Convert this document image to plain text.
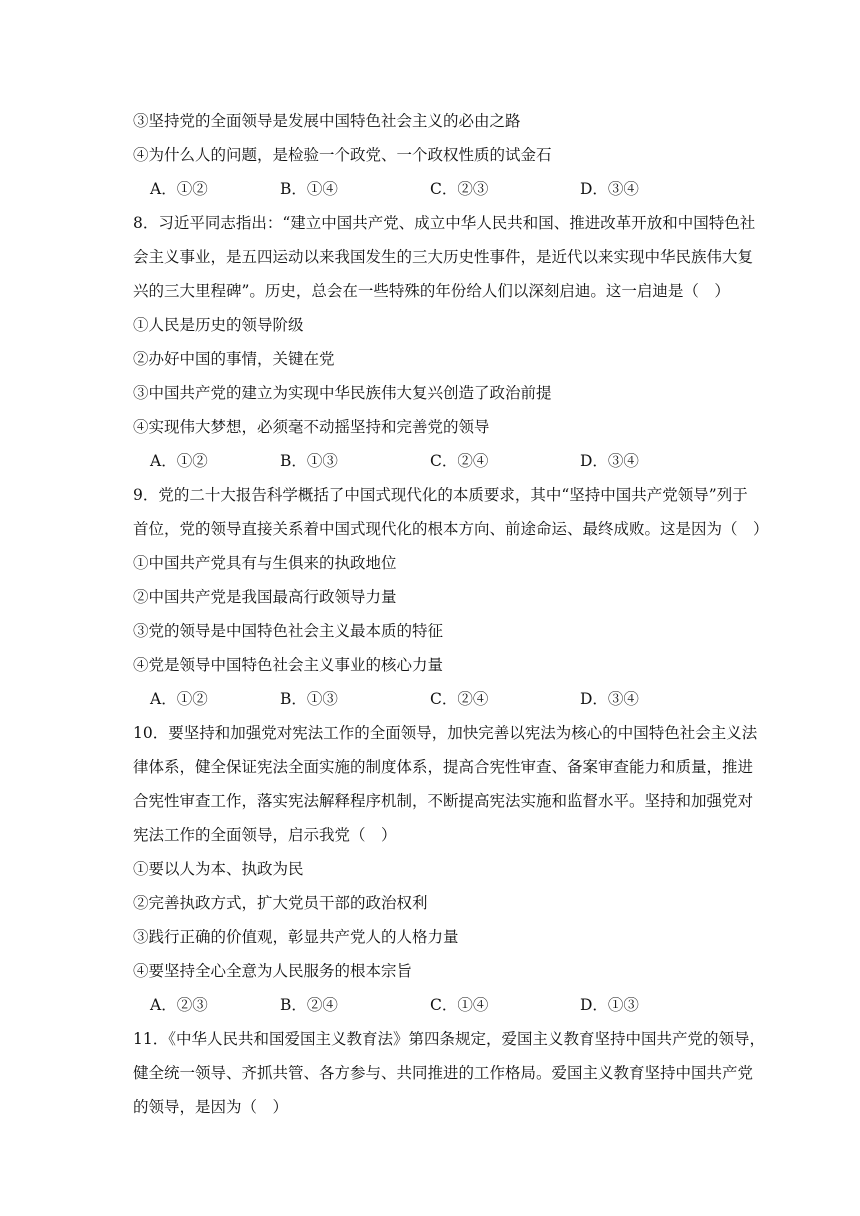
③坚持党的全面领导是发展中国特色社会主义的必由之路
④为什么人的问题，是检验一个政党、一个政权性质的试金石
A．①②	B．①④	C．②③	D．③④
8．习近平同志指出：“建立中国共产党、成立中华人民共和国、推进改革开放和中国特色社
会主义事业，是五四运动以来我国发生的三大历史性事件，是近代以来实现中华民族伟大复
兴的三大里程碑”。历史，总会在一些特殊的年份给人们以深刻启迪。这一启迪是（　）
①人民是历史的领导阶级
②办好中国的事情，关键在党
③中国共产党的建立为实现中华民族伟大复兴创造了政治前提
④实现伟大梦想，必须毫不动摇坚持和完善党的领导
A．①②	B．①③	C．②④	D．③④
9．党的二十大报告科学概括了中国式现代化的本质要求，其中“坚持中国共产党领导”列于
首位，党的领导直接关系着中国式现代化的根本方向、前途命运、最终成败。这是因为（　）
①中国共产党具有与生俱来的执政地位
②中国共产党是我国最高行政领导力量
③党的领导是中国特色社会主义最本质的特征
④党是领导中国特色社会主义事业的核心力量
A．①②	B．①③	C．②④	D．③④
10．要坚持和加强党对宪法工作的全面领导，加快完善以宪法为核心的中国特色社会主义法
律体系，健全保证宪法全面实施的制度体系，提高合宪性审查、备案审查能力和质量，推进
合宪性审查工作，落实宪法解释程序机制，不断提高宪法实施和监督水平。坚持和加强党对
宪法工作的全面领导，启示我党（　）
①要以人为本、执政为民
②完善执政方式，扩大党员干部的政治权利
③践行正确的价值观，彰显共产党人的人格力量
④要坚持全心全意为人民服务的根本宗旨
A．②③	B．②④	C．①④	D．①③
11．《中华人民共和国爱国主义教育法》第四条规定，爱国主义教育坚持中国共产党的领导，
健全统一领导、齐抓共管、各方参与、共同推进的工作格局。爱国主义教育坚持中国共产党
的领导，是因为（　）
